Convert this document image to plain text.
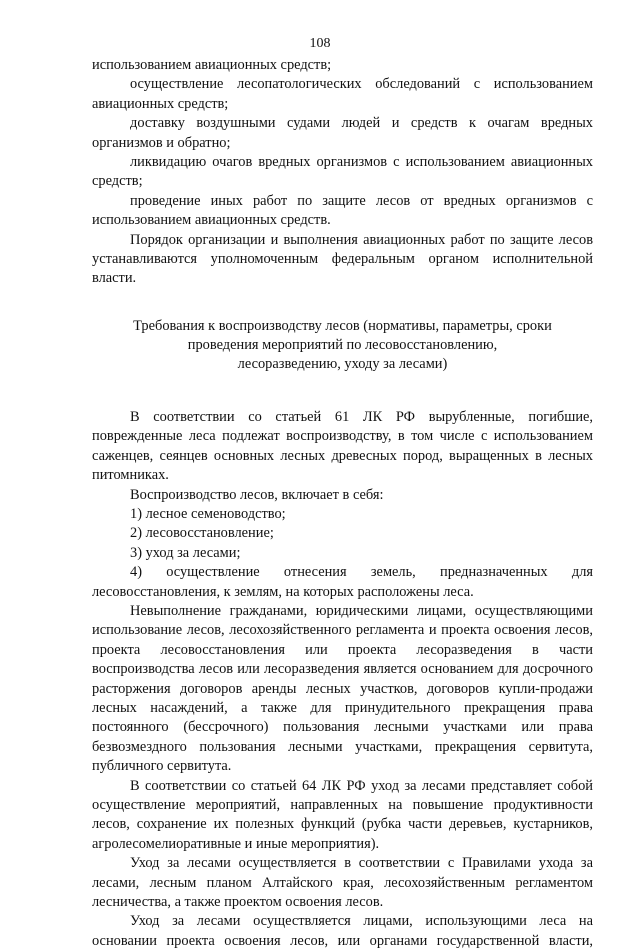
108

использованием авиационных средств;

осуществление лесопатологических обследований с использованием авиационных средств;

доставку воздушными судами людей и средств к очагам вредных организмов и обратно;

ликвидацию очагов вредных организмов с использованием авиационных средств;

проведение иных работ по защите лесов от вредных организмов с использованием авиационных средств.

Порядок организации и выполнения авиационных работ по защите лесов устанавливаются уполномоченным федеральным органом исполнительной власти.

Требования к воспроизводству лесов (нормативы, параметры, сроки
проведения мероприятий по лесовосстановлению,
лесоразведению, уходу за лесами)

В соответствии со статьей 61 ЛК РФ вырубленные, погибшие, поврежденные леса подлежат воспроизводству, в том числе с использованием саженцев, сеянцев основных лесных древесных пород, выращенных в лесных питомниках.

Воспроизводство лесов, включает в себя:

1) лесное семеноводство;

2) лесовосстановление;

3) уход за лесами;

4) осуществление отнесения земель, предназначенных для лесовосстановления, к землям, на которых расположены леса.

Невыполнение гражданами, юридическими лицами, осуществляющими использование лесов, лесохозяйственного регламента и проекта освоения лесов, проекта лесовосстановления или проекта лесоразведения в части воспроизводства лесов или лесоразведения является основанием для досрочного расторжения договоров аренды лесных участков, договоров купли-продажи лесных насаждений, а также для принудительного прекращения права постоянного (бессрочного) пользования лесными участками или права безвозмездного пользования лесными участками, прекращения сервитута, публичного сервитута.

В соответствии со статьей 64 ЛК РФ уход за лесами представляет собой осуществление мероприятий, направленных на повышение продуктивности лесов, сохранение их полезных функций (рубка части деревьев, кустарников, агролесомелиоративные и иные мероприятия).

Уход за лесами осуществляется в соответствии с Правилами ухода за лесами, лесным планом Алтайского края, лесохозяйственным регламентом лесничества, а также проектом освоения лесов.

Уход за лесами осуществляется лицами, использующими леса на основании проекта освоения лесов, или органами государственной власти,
